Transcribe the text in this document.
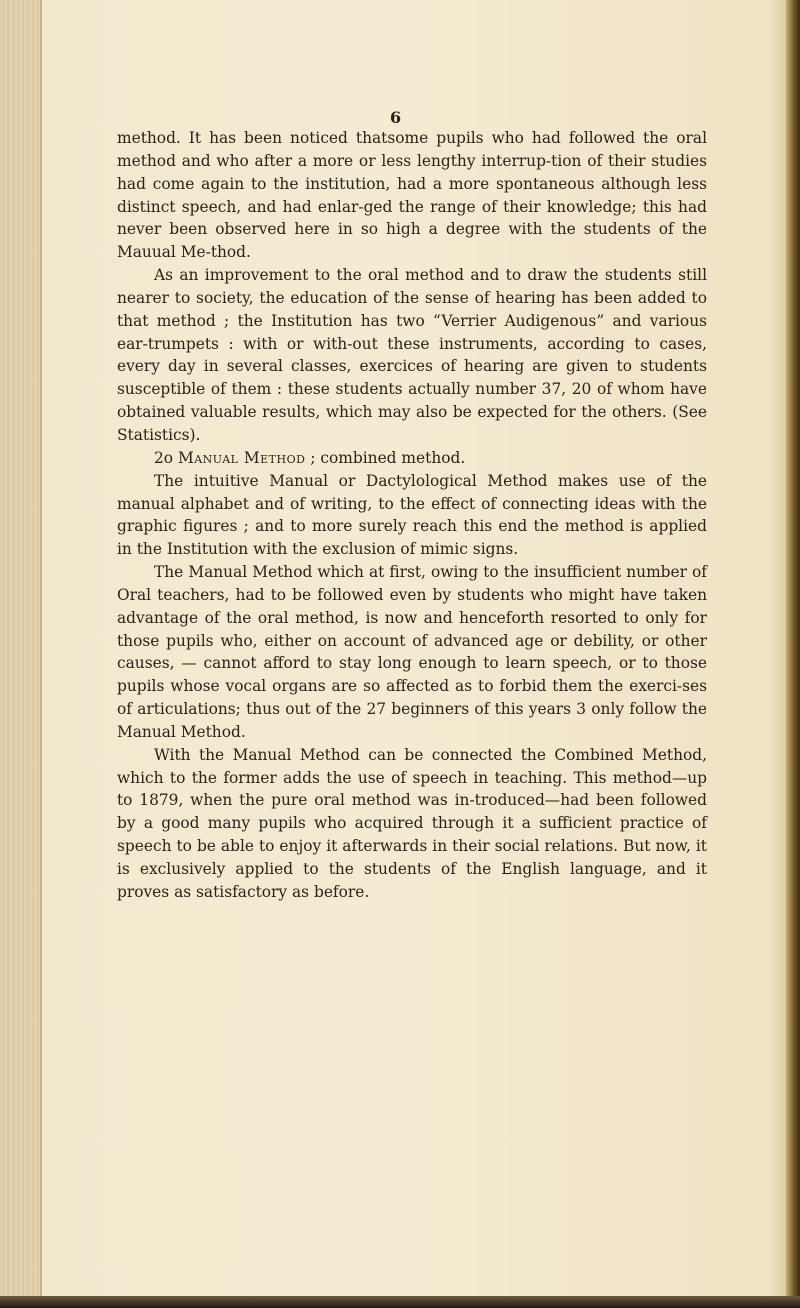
6

method. It has been noticed thatsome pupils who had followed the oral method and who after a more or less lengthy interrup-tion of their studies had come again to the institution, had a more spontaneous although less distinct speech, and had enlar-ged the range of their knowledge; this had never been observed here in so high a degree with the students of the Mauual Me-thod.

As an improvement to the oral method and to draw the students still nearer to society, the education of the sense of hearing has been added to that method ; the Institution has two “Verrier Audigenous” and various ear-trumpets : with or with-out these instruments, according to cases, every day in several classes, exercices of hearing are given to students susceptible of them : these students actually number 37, 20 of whom have obtained valuable results, which may also be expected for the others. (See Statistics).

2o Manual Method ; combined method.

The intuitive Manual or Dactylological Method makes use of the manual alphabet and of writing, to the effect of connecting ideas with the graphic figures ; and to more surely reach this end the method is applied in the Institution with the exclusion of mimic signs.

The Manual Method which at first, owing to the insufficient number of Oral teachers, had to be followed even by students who might have taken advantage of the oral method, is now and henceforth resorted to only for those pupils who, either on account of advanced age or debility, or other causes, — cannot afford to stay long enough to learn speech, or to those pupils whose vocal organs are so affected as to forbid them the exerci-ses of articulations; thus out of the 27 beginners of this years 3 only follow the Manual Method.

With the Manual Method can be connected the Combined Method, which to the former adds the use of speech in teaching. This method—up to 1879, when the pure oral method was in-troduced—had been followed by a good many pupils who acquired through it a sufficient practice of speech to be able to enjoy it afterwards in their social relations. But now, it is exclusively applied to the students of the English language, and it proves as satisfactory as before.
